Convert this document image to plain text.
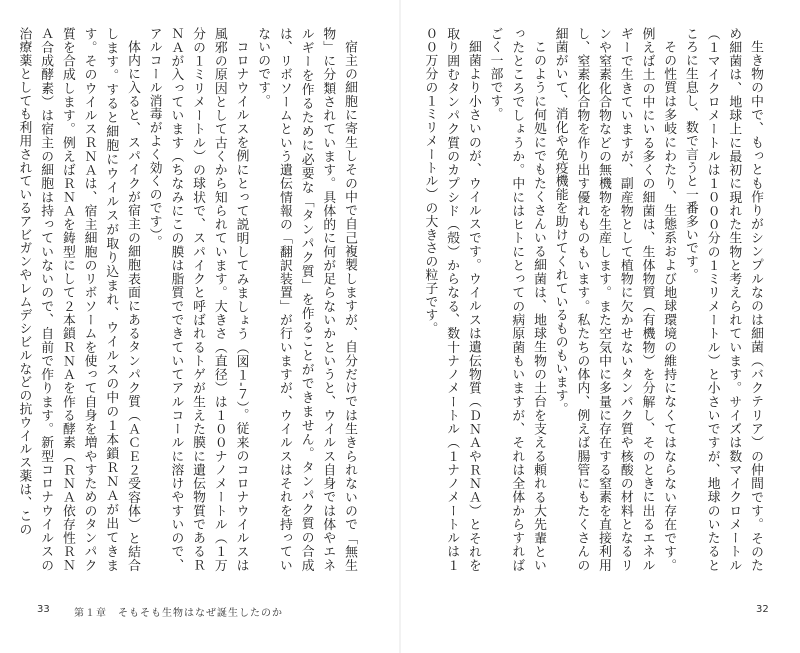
宿主の細胞に寄生しその中で自己複製しますが、自分だけでは生きられないので「無生物」に分類されています。具体的に何が足らないかというと、ウイルス自身では体やエネルギーを作るために必要な「タンパク質」を作ることができません。タンパク質の合成は、リボソームという遺伝情報の「翻訳装置」が行いますが、ウイルスはそれを持っていないのです。

コロナウイルスを例にとって説明してみましょう（図１‐７）。従来のコロナウイルスは風邪の原因として古くから知られています。大きさ（直径）は１００ナノメートル（１万分の１ミリメートル）の球状で、スパイクと呼ばれるトゲが生えた膜に遺伝物質であるＲＮＡが入っています（ちなみにこの膜は脂質でできていてアルコールに溶けやすいので、アルコール消毒がよく効くのです）。

体内に入ると、スパイクが宿主の細胞表面にあるタンパク質（ＡＣＥ２受容体）と結合します。すると細胞にウイルスが取り込まれ、ウイルスの中の１本鎖ＲＮＡが出てきます。そのウイルスＲＮＡは、宿主細胞のリボソームを使って自身を増やすためのタンパク質を合成します。例えばＲＮＡを鋳型にして２本鎖ＲＮＡを作る酵素（ＲＮＡ依存性ＲＮＡ合成酵素）は宿主の細胞は持っていないので、自前で作ります。新型コロナウイルスの治療薬としても利用されているアビガンやレムデシビルなどの抗ウイルス薬は、この

33 第１章　そもそも生物はなぜ誕生したのか

生き物の中で、もっとも作りがシンプルなのは細菌（バクテリア）の仲間です。そのため細菌は、地球上に最初に現れた生物と考えられています。サイズは数マイクロメートル（１マイクロメートルは１０００分の１ミリメートル）と小さいですが、地球のいたるところに生息し、数で言うと一番多いです。

その性質は多岐にわたり、生態系および地球環境の維持になくてはならない存在です。例えば土の中にいる多くの細菌は、生体物質（有機物）を分解し、そのときに出るエネルギーで生きていますが、副産物として植物に欠かせないタンパク質や核酸の材料となるリンや窒素化合物などの無機物を生産します。また空気中に多量に存在する窒素を直接利用し、窒素化合物を作り出す優れものもいます。私たちの体内、例えば腸管にもたくさんの細菌がいて、消化や免疫機能を助けてくれているものもいます。

このように何処にでもたくさんいる細菌は、地球生物の土台を支える頼れる大先輩といったところでしょうか。中にはヒトにとっての病原菌もいますが、それは全体からすればごく一部です。

細菌より小さいのが、ウイルスです。ウイルスは遺伝物質（ＤＮＡやＲＮＡ）とそれを取り囲むタンパク質のカプシド（殻）からなる、数十ナノメートル（１ナノメートルは１００万分の１ミリメートル）の大きさの粒子です。

32
